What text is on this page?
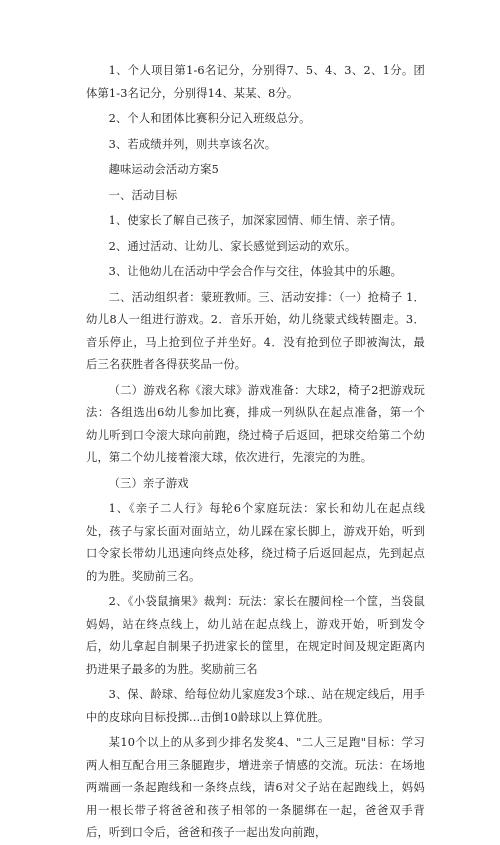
1、个人项目第1-6名记分，分别得7、5、4、3、2、1分。团体第1-3名记分，分别得14、某某、8分。

2、个人和团体比赛积分记入班级总分。

3、若成绩并列，则共享该名次。

趣味运动会活动方案5

一、活动目标

1、使家长了解自己孩子，加深家园情、师生情、亲子情。

2、通过活动、让幼儿、家长感觉到运动的欢乐。

3、让他幼儿在活动中学会合作与交往，体验其中的乐趣。

二、活动组织者：蒙班教师。三、活动安排：（一）抢椅子 1．幼儿8人一组进行游戏。2．音乐开始，幼儿绕蒙式线转圈走。3．音乐停止，马上抢到位子并坐好。4．没有抢到位子即被淘汰，最后三名获胜者各得获奖品一份。

（二）游戏名称《滚大球》游戏准备：大球2，椅子2把游戏玩法：各组选出6幼儿参加比赛，排成一列纵队在起点准备，第一个幼儿听到口令滚大球向前跑，绕过椅子后返回，把球交给第二个幼儿，第二个幼儿接着滚大球，依次进行，先滚完的为胜。

（三）亲子游戏

1、《亲子二人行》每轮6个家庭玩法：家长和幼儿在起点线处，孩子与家长面对面站立，幼儿踩在家长脚上，游戏开始，听到口令家长带幼儿迅速向终点处移，绕过椅子后返回起点，先到起点的为胜。奖励前三名。

2、《小袋鼠摘果》裁判：玩法：家长在腰间栓一个筐，当袋鼠妈妈，站在终点线上，幼儿站在起点线上，游戏开始，听到发令后，幼儿拿起自制果子扔进家长的筐里，在规定时间及规定距离内扔进果子最多的为胜。奖励前三名

3、保、龄球、给每位幼儿家庭发3个球.、站在规定线后，用手中的皮球向目标投掷...击倒10龄球以上算优胜。

某10个以上的从多到少排名发奖4、"二人三足跑"目标：学习两人相互配合用三条腿跑步，增进亲子情感的交流。玩法：在场地两端画一条起跑线和一条终点线，请6对父子站在起跑线上，妈妈用一根长带子将爸爸和孩子相邻的一条腿绑在一起，爸爸双手背后，听到口令后，爸爸和孩子一起出发向前跑，
